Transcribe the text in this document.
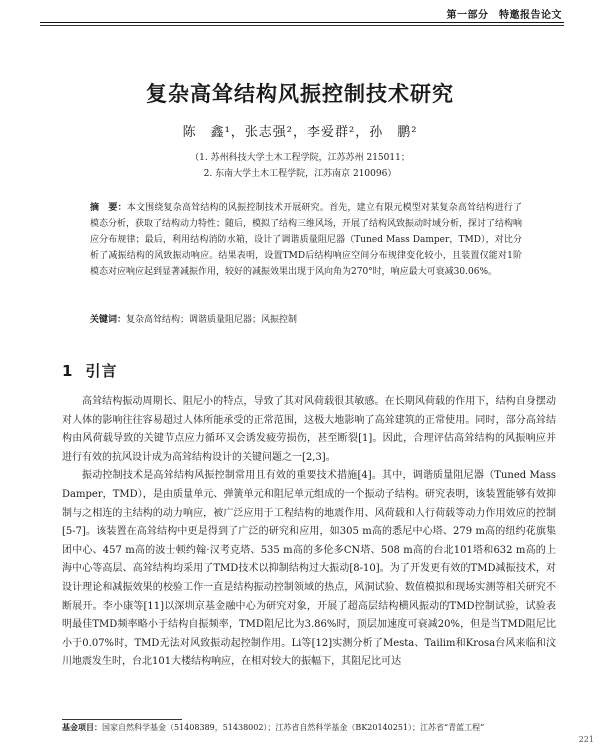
第一部分　特邀报告论文
复杂高耸结构风振控制技术研究
陈　鑫¹，张志强²，李爱群²，孙　鹏²
（1. 苏州科技大学土木工程学院，江苏苏州 215011；
2. 东南大学土木工程学院，江苏南京 210096）
摘　要：本文围绕复杂高耸结构的风振控制技术开展研究。首先，建立有限元模型对某复杂高耸结构进行了模态分析，获取了结构动力特性；随后，模拟了结构三维风场，开展了结构风致振动时域分析，探讨了结构响应分布规律；最后，利用结构消防水箱，设计了调谐质量阻尼器（Tuned Mass Damper，TMD），对比分析了减振结构的风致振动响应。结果表明，设置TMD后结构响应空间分布规律变化较小，且装置仅能对1阶模态对应响应起到显著减振作用，较好的减振效果出现于风向角为270°时，响应最大可衰减30.06%。
关键词：复杂高耸结构；调谐质量阻尼器；风振控制
1 引言

高耸结构振动周期长、阻尼小的特点，导致了其对风荷载很其敏感。在长期风荷载的作用下，结构自身摆动对人体的影响往往容易超过人体所能承受的正常范围，这极大地影响了高耸建筑的正常使用。同时，部分高耸结构由风荷载导致的关键节点应力循环又会诱发疲劳损伤，甚至断裂[1]。因此，合理评估高耸结构的风振响应并进行有效的抗风设计成为高耸结构设计的关键问题之一[2,3]。

振动控制技术是高耸结构风振控制常用且有效的重要技术措施[4]。其中，调谐质量阻尼器（Tuned Mass Damper，TMD），是由质量单元、弹簧单元和阻尼单元组成的一个振动子结构。研究表明，该装置能够有效抑制与之相连的主结构的动力响应，被广泛应用于工程结构的地震作用、风荷载和人行荷载等动力作用效应的控制[5-7]。该装置在高耸结构中更是得到了广泛的研究和应用，如305 m高的悉尼中心塔、279 m高的纽约花旗集团中心、457 m高的波士顿约翰·汉考克塔、535 m高的多伦多CN塔、508 m高的台北101塔和632 m高的上海中心等高层、高耸结构均采用了TMD技术以抑制结构过大振动[8-10]。为了开发更有效的TMD减振技术，对设计理论和减振效果的校验工作一直是结构振动控制领域的热点，风洞试验、数值模拟和现场实测等相关研究不断展开。李小康等[11]以深圳京基金融中心为研究对象，开展了超高层结构横风振动的TMD控制试验，试验表明最佳TMD频率略小于结构自振频率，TMD阻尼比为3.86%时，顶层加速度可衰减20%，但是当TMD阻尼比小于0.07%时，TMD无法对风致振动起控制作用。Li等[12]实测分析了Mesta、Tailim和Krosa台风来临和汶川地震发生时，台北101大楼结构响应，在相对较大的振幅下，其阻尼比可达

基金项目：国家自然科学基金（51408389，51438002）；江苏省自然科学基金（BK20140251）；江苏省“青蓝工程”
221
